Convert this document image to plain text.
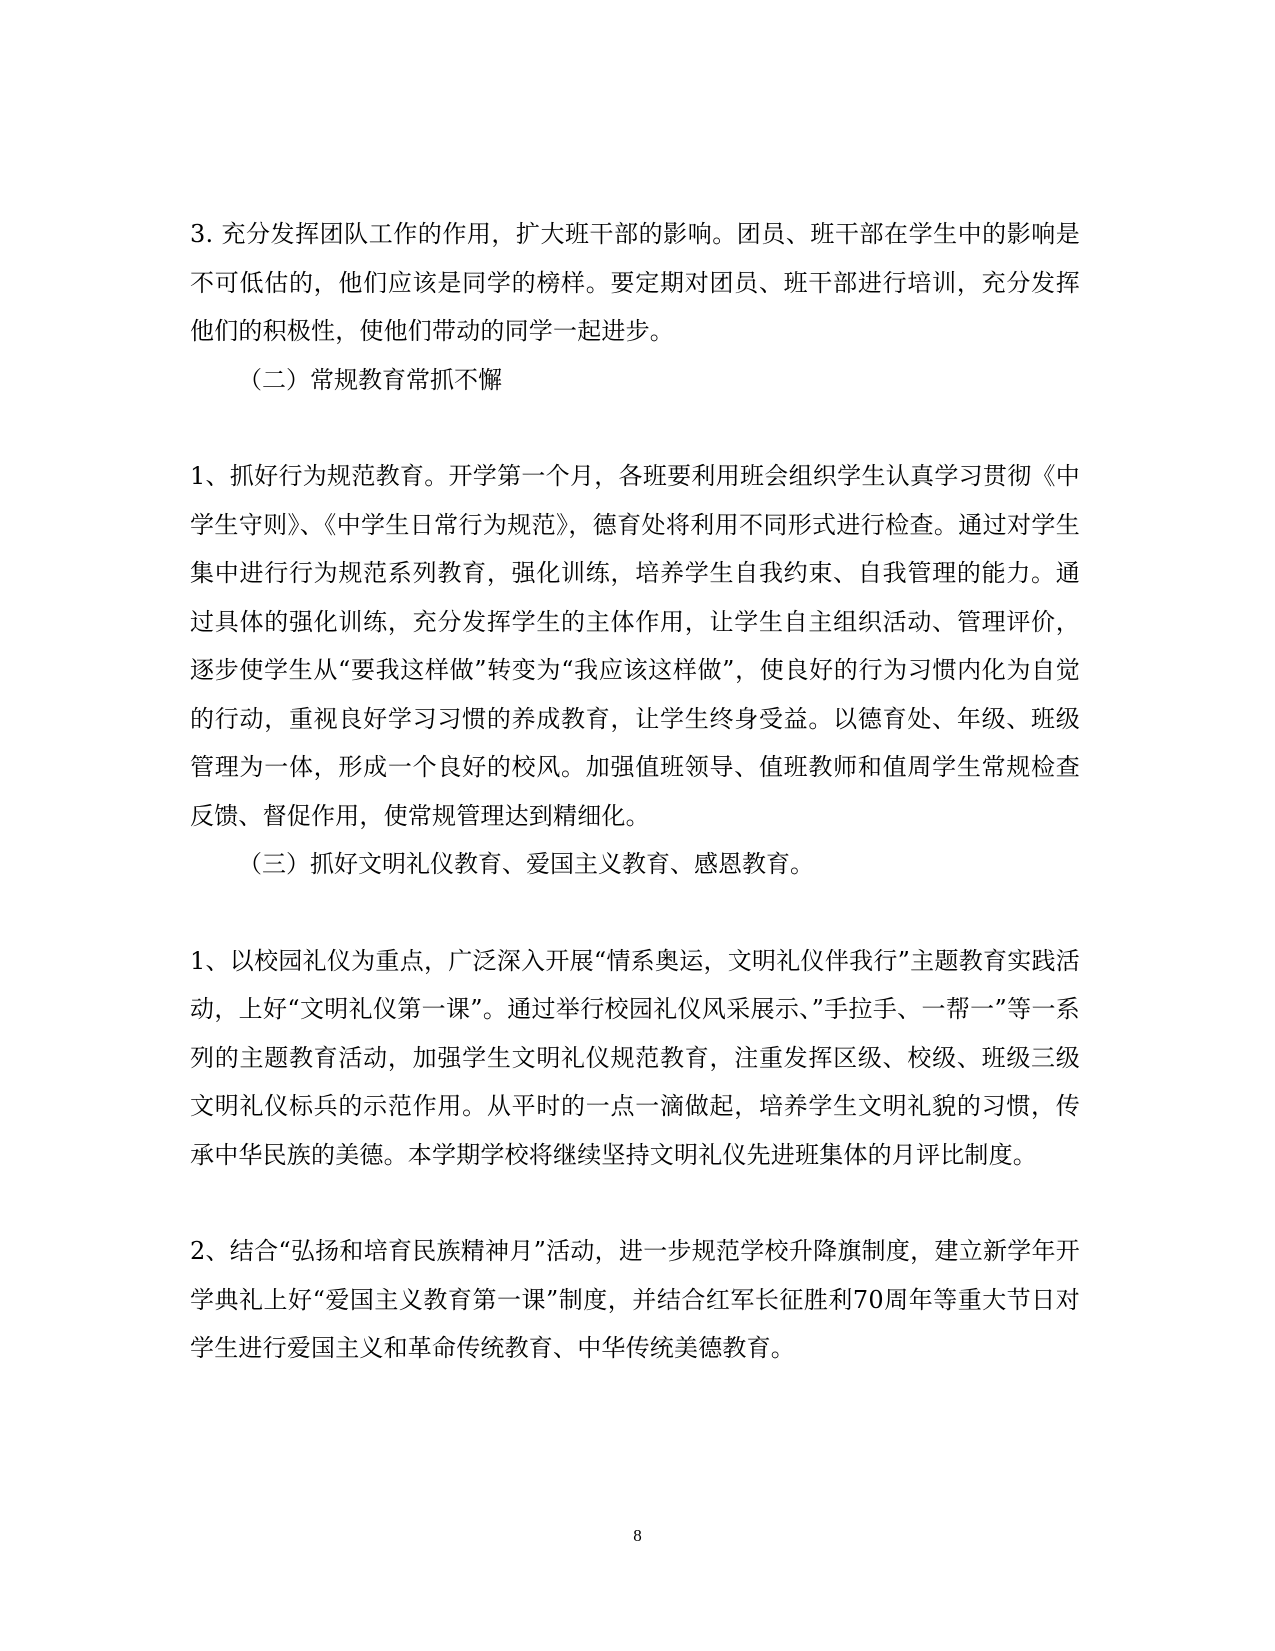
3. 充分发挥团队工作的作用，扩大班干部的影响。团员、班干部在学生中的影响是不可低估的，他们应该是同学的榜样。要定期对团员、班干部进行培训，充分发挥他们的积极性，使他们带动的同学一起进步。

（二）常规教育常抓不懈

1、抓好行为规范教育。开学第一个月，各班要利用班会组织学生认真学习贯彻《中学生守则》、《中学生日常行为规范》，德育处将利用不同形式进行检查。通过对学生集中进行行为规范系列教育，强化训练，培养学生自我约束、自我管理的能力。通过具体的强化训练，充分发挥学生的主体作用，让学生自主组织活动、管理评价，逐步使学生从“要我这样做”转变为“我应该这样做”，使良好的行为习惯内化为自觉的行动，重视良好学习习惯的养成教育，让学生终身受益。以德育处、年级、班级管理为一体，形成一个良好的校风。加强值班领导、值班教师和值周学生常规检查反馈、督促作用，使常规管理达到精细化。

（三）抓好文明礼仪教育、爱国主义教育、感恩教育。

1、以校园礼仪为重点，广泛深入开展“情系奥运，文明礼仪伴我行”主题教育实践活动，上好“文明礼仪第一课”。通过举行校园礼仪风采展示、”手拉手、一帮一”等一系列的主题教育活动，加强学生文明礼仪规范教育，注重发挥区级、校级、班级三级文明礼仪标兵的示范作用。从平时的一点一滴做起，培养学生文明礼貌的习惯，传承中华民族的美德。本学期学校将继续坚持文明礼仪先进班集体的月评比制度。

2、结合“弘扬和培育民族精神月”活动，进一步规范学校升降旗制度，建立新学年开学典礼上好“爱国主义教育第一课”制度，并结合红军长征胜利70周年等重大节日对学生进行爱国主义和革命传统教育、中华传统美德教育。

8
